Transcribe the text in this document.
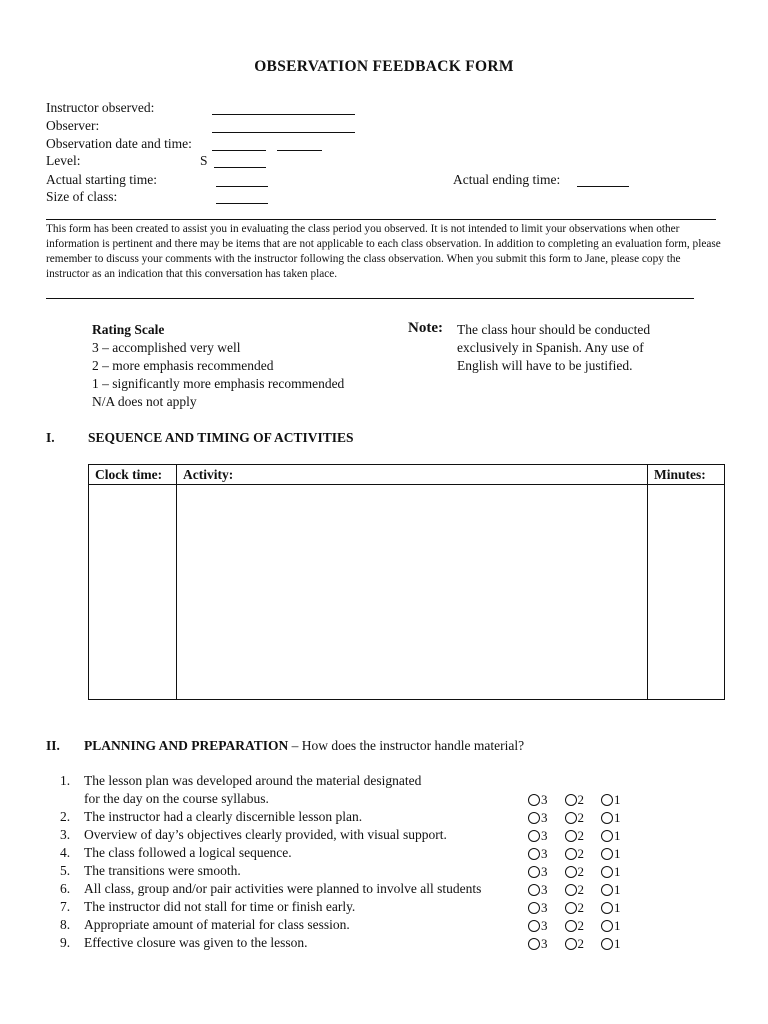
OBSERVATION FEEDBACK FORM
Instructor observed:
Observer:
Observation date and time:
Level:	S
Actual starting time:	Actual ending time:
Size of class:
This form has been created to assist you in evaluating the class period you observed. It is not intended to limit your observations when other information is pertinent and there may be items that are not applicable to each class observation. In addition to completing an evaluation form, please remember to discuss your comments with the instructor following the class observation. When you submit this form to Jane, please copy the instructor as an indication that this conversation has taken place.
Rating Scale
3 – accomplished very well
2 – more emphasis recommended
1 – significantly more emphasis recommended
N/A does not apply
Note: The class hour should be conducted
exclusively in Spanish. Any use of
English will have to be justified.
I. SEQUENCE AND TIMING OF ACTIVITIES
Clock time:	Activity:	Minutes:

II. PLANNING AND PREPARATION – How does the instructor handle material?
1. The lesson plan was developed around the material designated
for the day on the course syllabus.	3 2 1
2. The instructor had a clearly discernible lesson plan.	3 2 1
3. Overview of day’s objectives clearly provided, with visual support.	3 2 1
4. The class followed a logical sequence.	3 2 1
5. The transitions were smooth.	3 2 1
6. All class, group and/or pair activities were planned to involve all students	3 2 1
7. The instructor did not stall for time or finish early.	3 2 1
8. Appropriate amount of material for class session.	3 2 1
9. Effective closure was given to the lesson.	3 2 1
